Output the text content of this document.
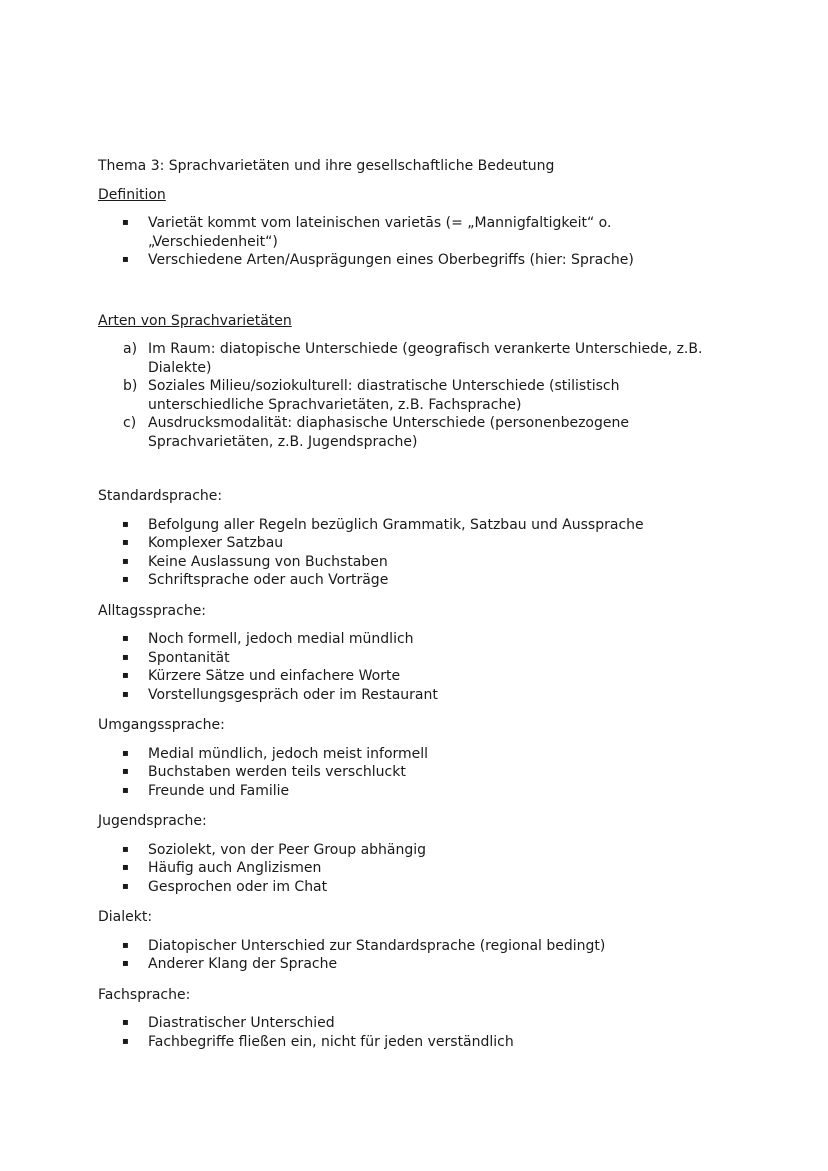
Thema 3: Sprachvarietäten und ihre gesellschaftliche Bedeutung
Definition
▪ Varietät kommt vom lateinischen varietās (= „Mannigfaltigkeit“ o. „Verschiedenheit“)
▪ Verschiedene Arten/Ausprägungen eines Oberbegriffs (hier: Sprache)
Arten von Sprachvarietäten
a) Im Raum: diatopische Unterschiede (geografisch verankerte Unterschiede, z.B. Dialekte)
b) Soziales Milieu/soziokulturell: diastratische Unterschiede (stilistisch unterschiedliche Sprachvarietäten, z.B. Fachsprache)
c) Ausdrucksmodalität: diaphasische Unterschiede (personenbezogene Sprachvarietäten, z.B. Jugendsprache)
Standardsprache:
▪ Befolgung aller Regeln bezüglich Grammatik, Satzbau und Aussprache
▪ Komplexer Satzbau
▪ Keine Auslassung von Buchstaben
▪ Schriftsprache oder auch Vorträge
Alltagssprache:
▪ Noch formell, jedoch medial mündlich
▪ Spontanität
▪ Kürzere Sätze und einfachere Worte
▪ Vorstellungsgespräch oder im Restaurant
Umgangssprache:
▪ Medial mündlich, jedoch meist informell
▪ Buchstaben werden teils verschluckt
▪ Freunde und Familie
Jugendsprache:
▪ Soziolekt, von der Peer Group abhängig
▪ Häufig auch Anglizismen
▪ Gesprochen oder im Chat
Dialekt:
▪ Diatopischer Unterschied zur Standardsprache (regional bedingt)
▪ Anderer Klang der Sprache
Fachsprache:
▪ Diastratischer Unterschied
▪ Fachbegriffe fließen ein, nicht für jeden verständlich
